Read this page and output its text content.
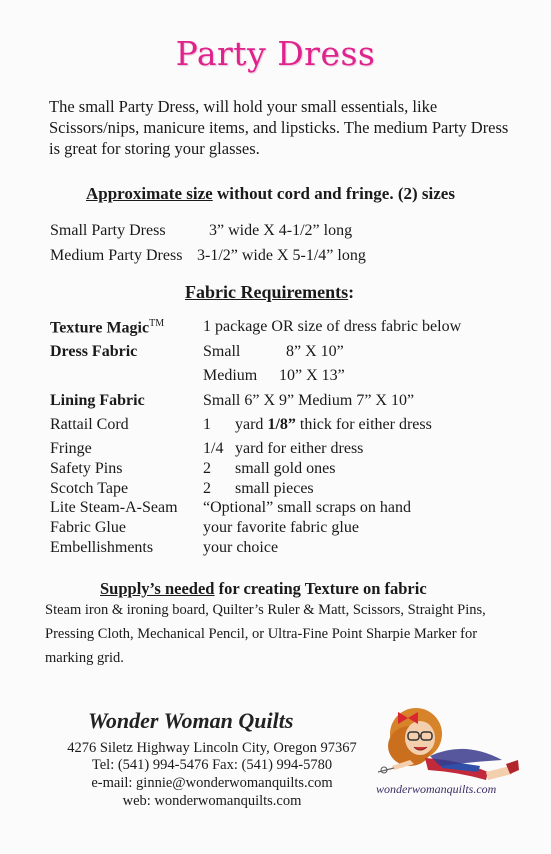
Party Dress
The small Party Dress, will hold your small essentials, like Scissors/nips, manicure items, and lipsticks. The medium Party Dress is great for storing your glasses.
Approximate size without cord and fringe. (2) sizes
Small Party Dress	3” wide X 4-1/2” long
Medium Party Dress 3-1/2” wide X 5-1/4” long
Fabric Requirements:
Texture Magic™ 1 package OR size of dress fabric below
Dress Fabric	Small	8” X 10”
Medium 10” X 13”
Lining Fabric	Small 6” X 9” Medium 7” X 10”
Rattail Cord	1 yard 1/8” thick for either dress
Fringe	1/4 yard for either dress
Safety Pins	2 small gold ones
Scotch Tape	2 small pieces
Lite Steam-A-Seam “Optional” small scraps on hand
Fabric Glue	your favorite fabric glue
Embellishments	your choice
Supply’s needed for creating Texture on fabric
Steam iron & ironing board, Quilter’s Ruler & Matt, Scissors, Straight Pins, Pressing Cloth, Mechanical Pencil, or Ultra-Fine Point Sharpie Marker for marking grid.
Wonder Woman Quilts
4276 Siletz Highway Lincoln City, Oregon 97367
Tel: (541) 994-5476 Fax: (541) 994-5780
e-mail: ginnie@wonderwomanquilts.com
web: wonderwomanquilts.com
wonderwomanquilts.com
